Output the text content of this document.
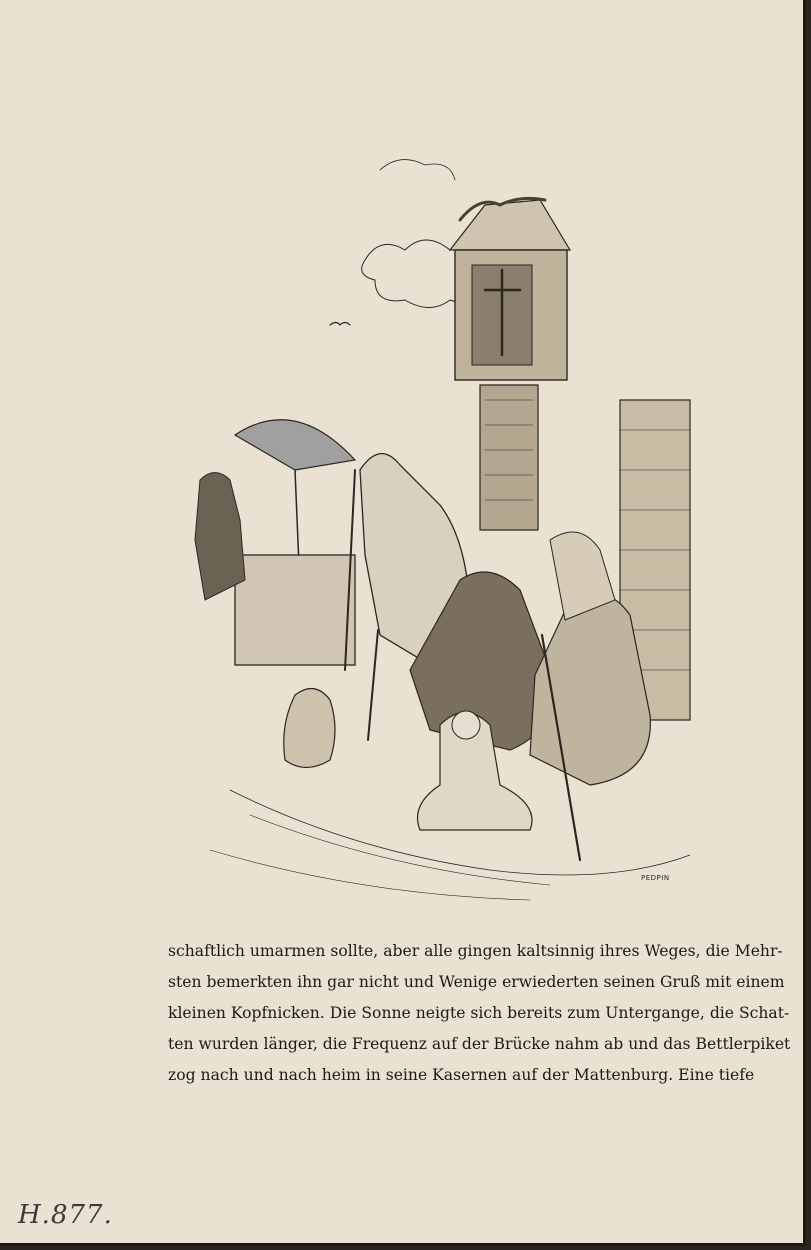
PEDPIN
schaftlich umarmen sollte, aber alle gingen kaltsinnig ihres Weges, die Mehr-
sten bemerkten ihn gar nicht und Wenige erwiederten seinen Gruß mit einem
kleinen Kopfnicken. Die Sonne neigte sich bereits zum Untergange, die Schat-
ten wurden länger, die Frequenz auf der Brücke nahm ab und das Bettlerpiket
zog nach und nach heim in seine Kasernen auf der Mattenburg. Eine tiefe
H.877.
